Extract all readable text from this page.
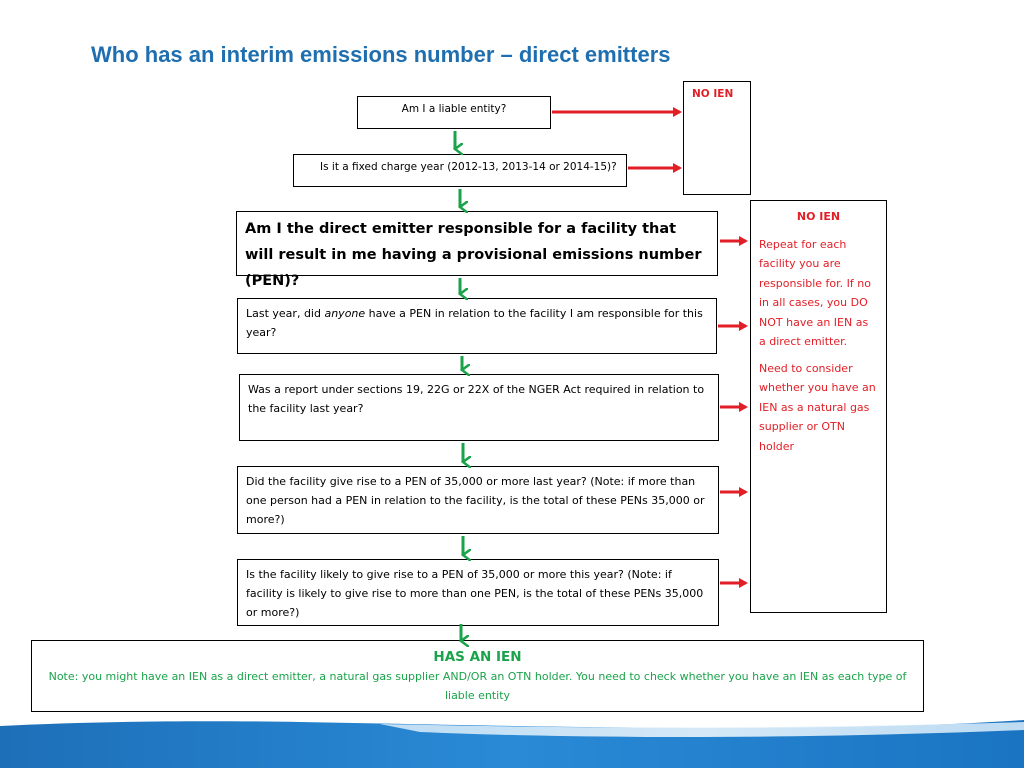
Who has an interim emissions number – direct emitters
Am I a liable entity?
Is it a fixed charge year (2012-13, 2013-14 or 2014-15)?
NO IEN
Am I the direct emitter responsible for a facility that will result in me having a provisional emissions number (PEN)?
Last year, did anyone have a PEN in relation to the facility I am responsible for this year?
Was a report under sections 19, 22G or 22X of the NGER Act required in relation to the facility last year?
Did the facility give rise to a PEN of 35,000 or more last year? (Note: if more than one person had a PEN in relation to the facility, is the total of these PENs 35,000 or more?)
Is the facility likely to give rise to a PEN of 35,000 or more this year? (Note: if facility is likely to give rise to more than one PEN, is the total of these PENs 35,000 or more?)

NO IEN

Repeat for each facility you are responsible for. If no in all cases, you DO NOT have an IEN as a direct emitter.

Need to consider whether you have an IEN as a natural gas supplier or OTN holder

HAS AN IEN
Note: you might have an IEN as a direct emitter, a natural gas supplier AND/OR an OTN holder. You need to check whether you have an IEN as each type of liable entity
